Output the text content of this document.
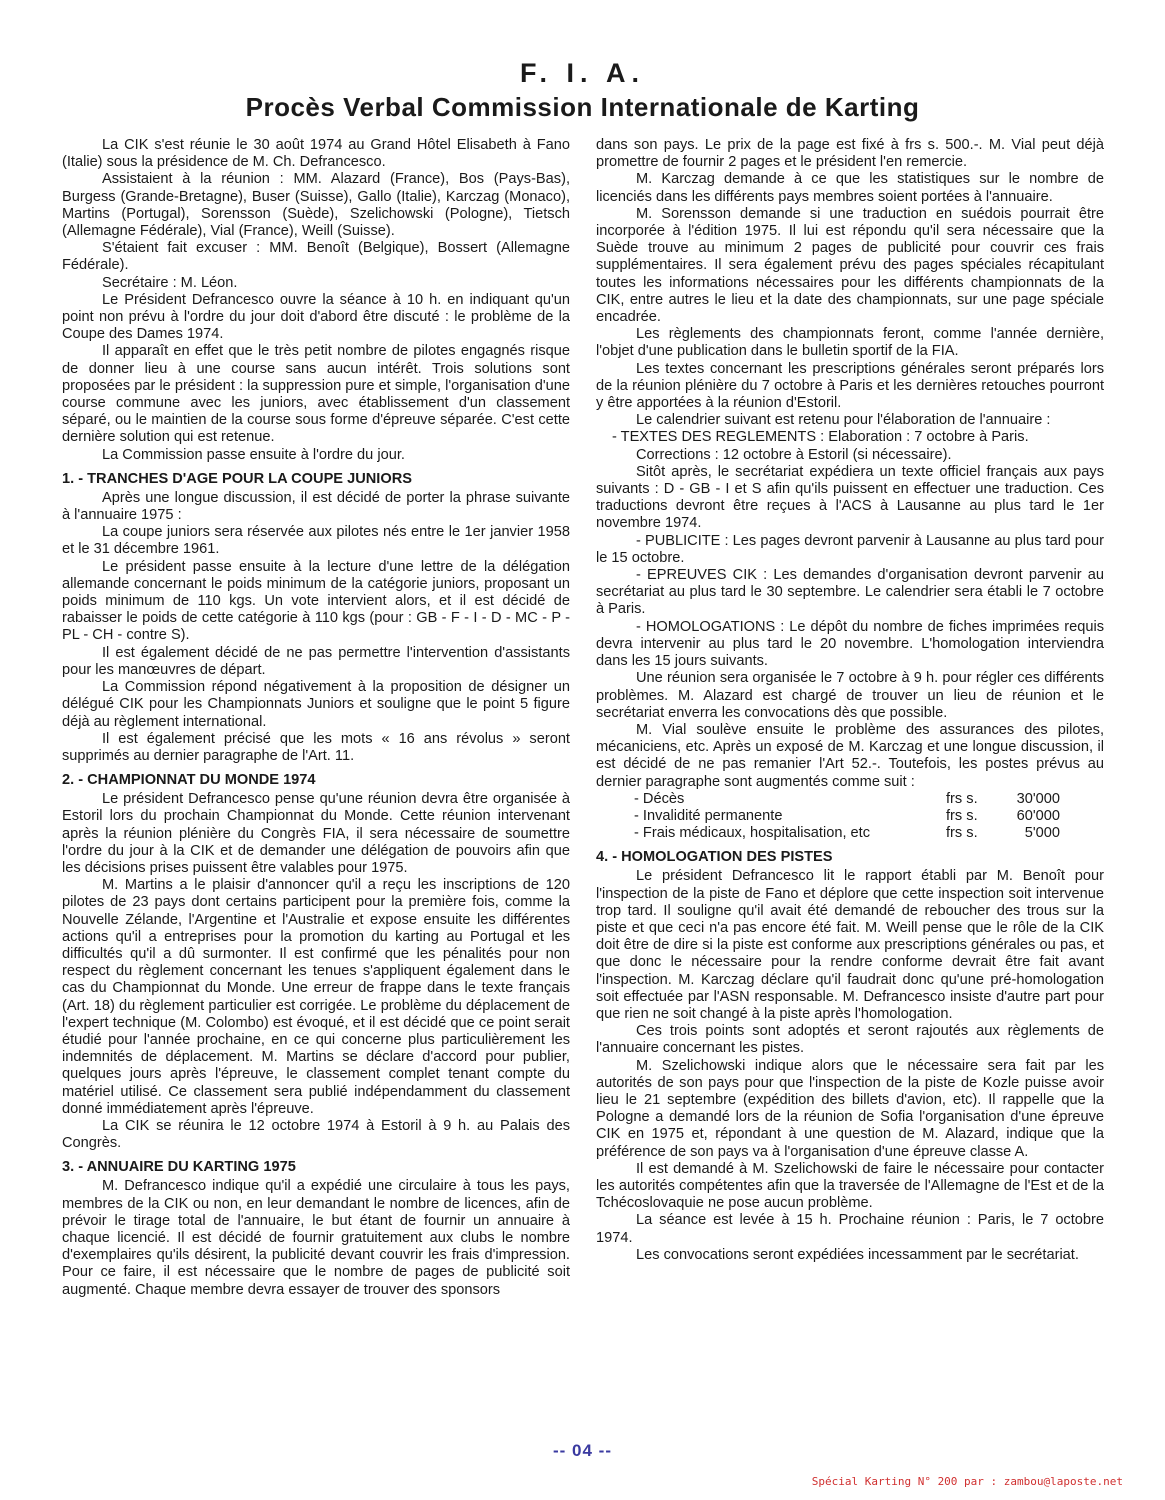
F. I. A.
Procès Verbal Commission Internationale de Karting

La CIK s'est réunie le 30 août 1974 au Grand Hôtel Elisabeth à Fano (Italie) sous la présidence de M. Ch. Defrancesco.

Assistaient à la réunion : MM. Alazard (France), Bos (Pays-Bas), Burgess (Grande-Bretagne), Buser (Suisse), Gallo (Italie), Karczag (Monaco), Martins (Portugal), Sorensson (Suède), Szelichowski (Pologne), Tietsch (Allemagne Fédérale), Vial (France), Weill (Suisse).

S'étaient fait excuser : MM. Benoît (Belgique), Bossert (Allemagne Fédérale).

Secrétaire : M. Léon.

Le Président Defrancesco ouvre la séance à 10 h. en indiquant qu'un point non prévu à l'ordre du jour doit d'abord être discuté : le problème de la Coupe des Dames 1974.

Il apparaît en effet que le très petit nombre de pilotes engagnés risque de donner lieu à une course sans aucun intérêt. Trois solutions sont proposées par le président : la suppression pure et simple, l'organisation d'une course commune avec les juniors, avec établissement d'un classement séparé, ou le maintien de la course sous forme d'épreuve séparée. C'est cette dernière solution qui est retenue.

La Commission passe ensuite à l'ordre du jour.

1. - TRANCHES D'AGE POUR LA COUPE JUNIORS

Après une longue discussion, il est décidé de porter la phrase suivante à l'annuaire 1975 :

La coupe juniors sera réservée aux pilotes nés entre le 1er janvier 1958 et le 31 décembre 1961.

Le président passe ensuite à la lecture d'une lettre de la délégation allemande concernant le poids minimum de la catégorie juniors, proposant un poids minimum de 110 kgs. Un vote intervient alors, et il est décidé de rabaisser le poids de cette catégorie à 110 kgs (pour : GB - F - I - D - MC - P - PL - CH - contre S).

Il est également décidé de ne pas permettre l'intervention d'assistants pour les manœuvres de départ.

La Commission répond négativement à la proposition de désigner un délégué CIK pour les Championnats Juniors et souligne que le point 5 figure déjà au règlement international.

Il est également précisé que les mots « 16 ans révolus » seront supprimés au dernier paragraphe de l'Art. 11.

2. - CHAMPIONNAT DU MONDE 1974

Le président Defrancesco pense qu'une réunion devra être organisée à Estoril lors du prochain Championnat du Monde. Cette réunion intervenant après la réunion plénière du Congrès FIA, il sera nécessaire de soumettre l'ordre du jour à la CIK et de demander une délégation de pouvoirs afin que les décisions prises puissent être valables pour 1975.

M. Martins a le plaisir d'annoncer qu'il a reçu les inscriptions de 120 pilotes de 23 pays dont certains participent pour la première fois, comme la Nouvelle Zélande, l'Argentine et l'Australie et expose ensuite les différentes actions qu'il a entreprises pour la promotion du karting au Portugal et les difficultés qu'il a dû surmonter. Il est confirmé que les pénalités pour non respect du règlement concernant les tenues s'appliquent également dans le cas du Championnat du Monde. Une erreur de frappe dans le texte français (Art. 18) du règlement particulier est corrigée. Le problème du déplacement de l'expert technique (M. Colombo) est évoqué, et il est décidé que ce point serait étudié pour l'année prochaine, en ce qui concerne plus particulièrement les indemnités de déplacement. M. Martins se déclare d'accord pour publier, quelques jours après l'épreuve, le classement complet tenant compte du matériel utilisé. Ce classement sera publié indépendamment du classement donné immédiatement après l'épreuve.

La CIK se réunira le 12 octobre 1974 à Estoril à 9 h. au Palais des Congrès.

3. - ANNUAIRE DU KARTING 1975

M. Defrancesco indique qu'il a expédié une circulaire à tous les pays, membres de la CIK ou non, en leur demandant le nombre de licences, afin de prévoir le tirage total de l'annuaire, le but étant de fournir un annuaire à chaque licencié. Il est décidé de fournir gratuitement aux clubs le nombre d'exemplaires qu'ils désirent, la publicité devant couvrir les frais d'impression. Pour ce faire, il est nécessaire que le nombre de pages de publicité soit augmenté. Chaque membre devra essayer de trouver des sponsors

dans son pays. Le prix de la page est fixé à frs s. 500.-. M. Vial peut déjà promettre de fournir 2 pages et le président l'en remercie.

M. Karczag demande à ce que les statistiques sur le nombre de licenciés dans les différents pays membres soient portées à l'annuaire.

M. Sorensson demande si une traduction en suédois pourrait être incorporée à l'édition 1975. Il lui est répondu qu'il sera nécessaire que la Suède trouve au minimum 2 pages de publicité pour couvrir ces frais supplémentaires. Il sera également prévu des pages spéciales récapitulant toutes les informations nécessaires pour les différents championnats de la CIK, entre autres le lieu et la date des championnats, sur une page spéciale encadrée.

Les règlements des championnats feront, comme l'année dernière, l'objet d'une publication dans le bulletin sportif de la FIA.

Les textes concernant les prescriptions générales seront préparés lors de la réunion plénière du 7 octobre à Paris et les dernières retouches pourront y être apportées à la réunion d'Estoril.

Le calendrier suivant est retenu pour l'élaboration de l'annuaire :

- TEXTES DES REGLEMENTS : Elaboration : 7 octobre à Paris.

Corrections : 12 octobre à Estoril (si nécessaire).

Sitôt après, le secrétariat expédiera un texte officiel français aux pays suivants : D - GB - I et S afin qu'ils puissent en effectuer une traduction. Ces traductions devront être reçues à l'ACS à Lausanne au plus tard le 1er novembre 1974.

- PUBLICITE : Les pages devront parvenir à Lausanne au plus tard pour le 15 octobre.

- EPREUVES CIK : Les demandes d'organisation devront parvenir au secrétariat au plus tard le 30 septembre. Le calendrier sera établi le 7 octobre à Paris.

- HOMOLOGATIONS : Le dépôt du nombre de fiches imprimées requis devra intervenir au plus tard le 20 novembre. L'homologation interviendra dans les 15 jours suivants.

Une réunion sera organisée le 7 octobre à 9 h. pour régler ces différents problèmes. M. Alazard est chargé de trouver un lieu de réunion et le secrétariat enverra les convocations dès que possible.

M. Vial soulève ensuite le problème des assurances des pilotes, mécaniciens, etc. Après un exposé de M. Karczag et une longue discussion, il est décidé de ne pas remanier l'Art 52.-. Toutefois, les postes prévus au dernier paragraphe sont augmentés comme suit :

- Décès	frs s.	30'000
- Invalidité permanente	frs s.	60'000
- Frais médicaux, hospitalisation, etc	frs s.	5'000
4. - HOMOLOGATION DES PISTES

Le président Defrancesco lit le rapport établi par M. Benoît pour l'inspection de la piste de Fano et déplore que cette inspection soit intervenue trop tard. Il souligne qu'il avait été demandé de reboucher des trous sur la piste et que ceci n'a pas encore été fait. M. Weill pense que le rôle de la CIK doit être de dire si la piste est conforme aux prescriptions générales ou pas, et que donc le nécessaire pour la rendre conforme devrait être fait avant l'inspection. M. Karczag déclare qu'il faudrait donc qu'une pré-homologation soit effectuée par l'ASN responsable. M. Defrancesco insiste d'autre part pour que rien ne soit changé à la piste après l'homologation.

Ces trois points sont adoptés et seront rajoutés aux règlements de l'annuaire concernant les pistes.

M. Szelichowski indique alors que le nécessaire sera fait par les autorités de son pays pour que l'inspection de la piste de Kozle puisse avoir lieu le 21 septembre (expédition des billets d'avion, etc). Il rappelle que la Pologne a demandé lors de la réunion de Sofia l'organisation d'une épreuve CIK en 1975 et, répondant à une question de M. Alazard, indique que la préférence de son pays va à l'organisation d'une épreuve classe A.

Il est demandé à M. Szelichowski de faire le nécessaire pour contacter les autorités compétentes afin que la traversée de l'Allemagne de l'Est et de la Tchécoslovaquie ne pose aucun problème.

La séance est levée à 15 h. Prochaine réunion : Paris, le 7 octobre 1974.

Les convocations seront expédiées incessamment par le secrétariat.

-- 04 --
Spécial Karting N° 200 par : zambou@laposte.net
